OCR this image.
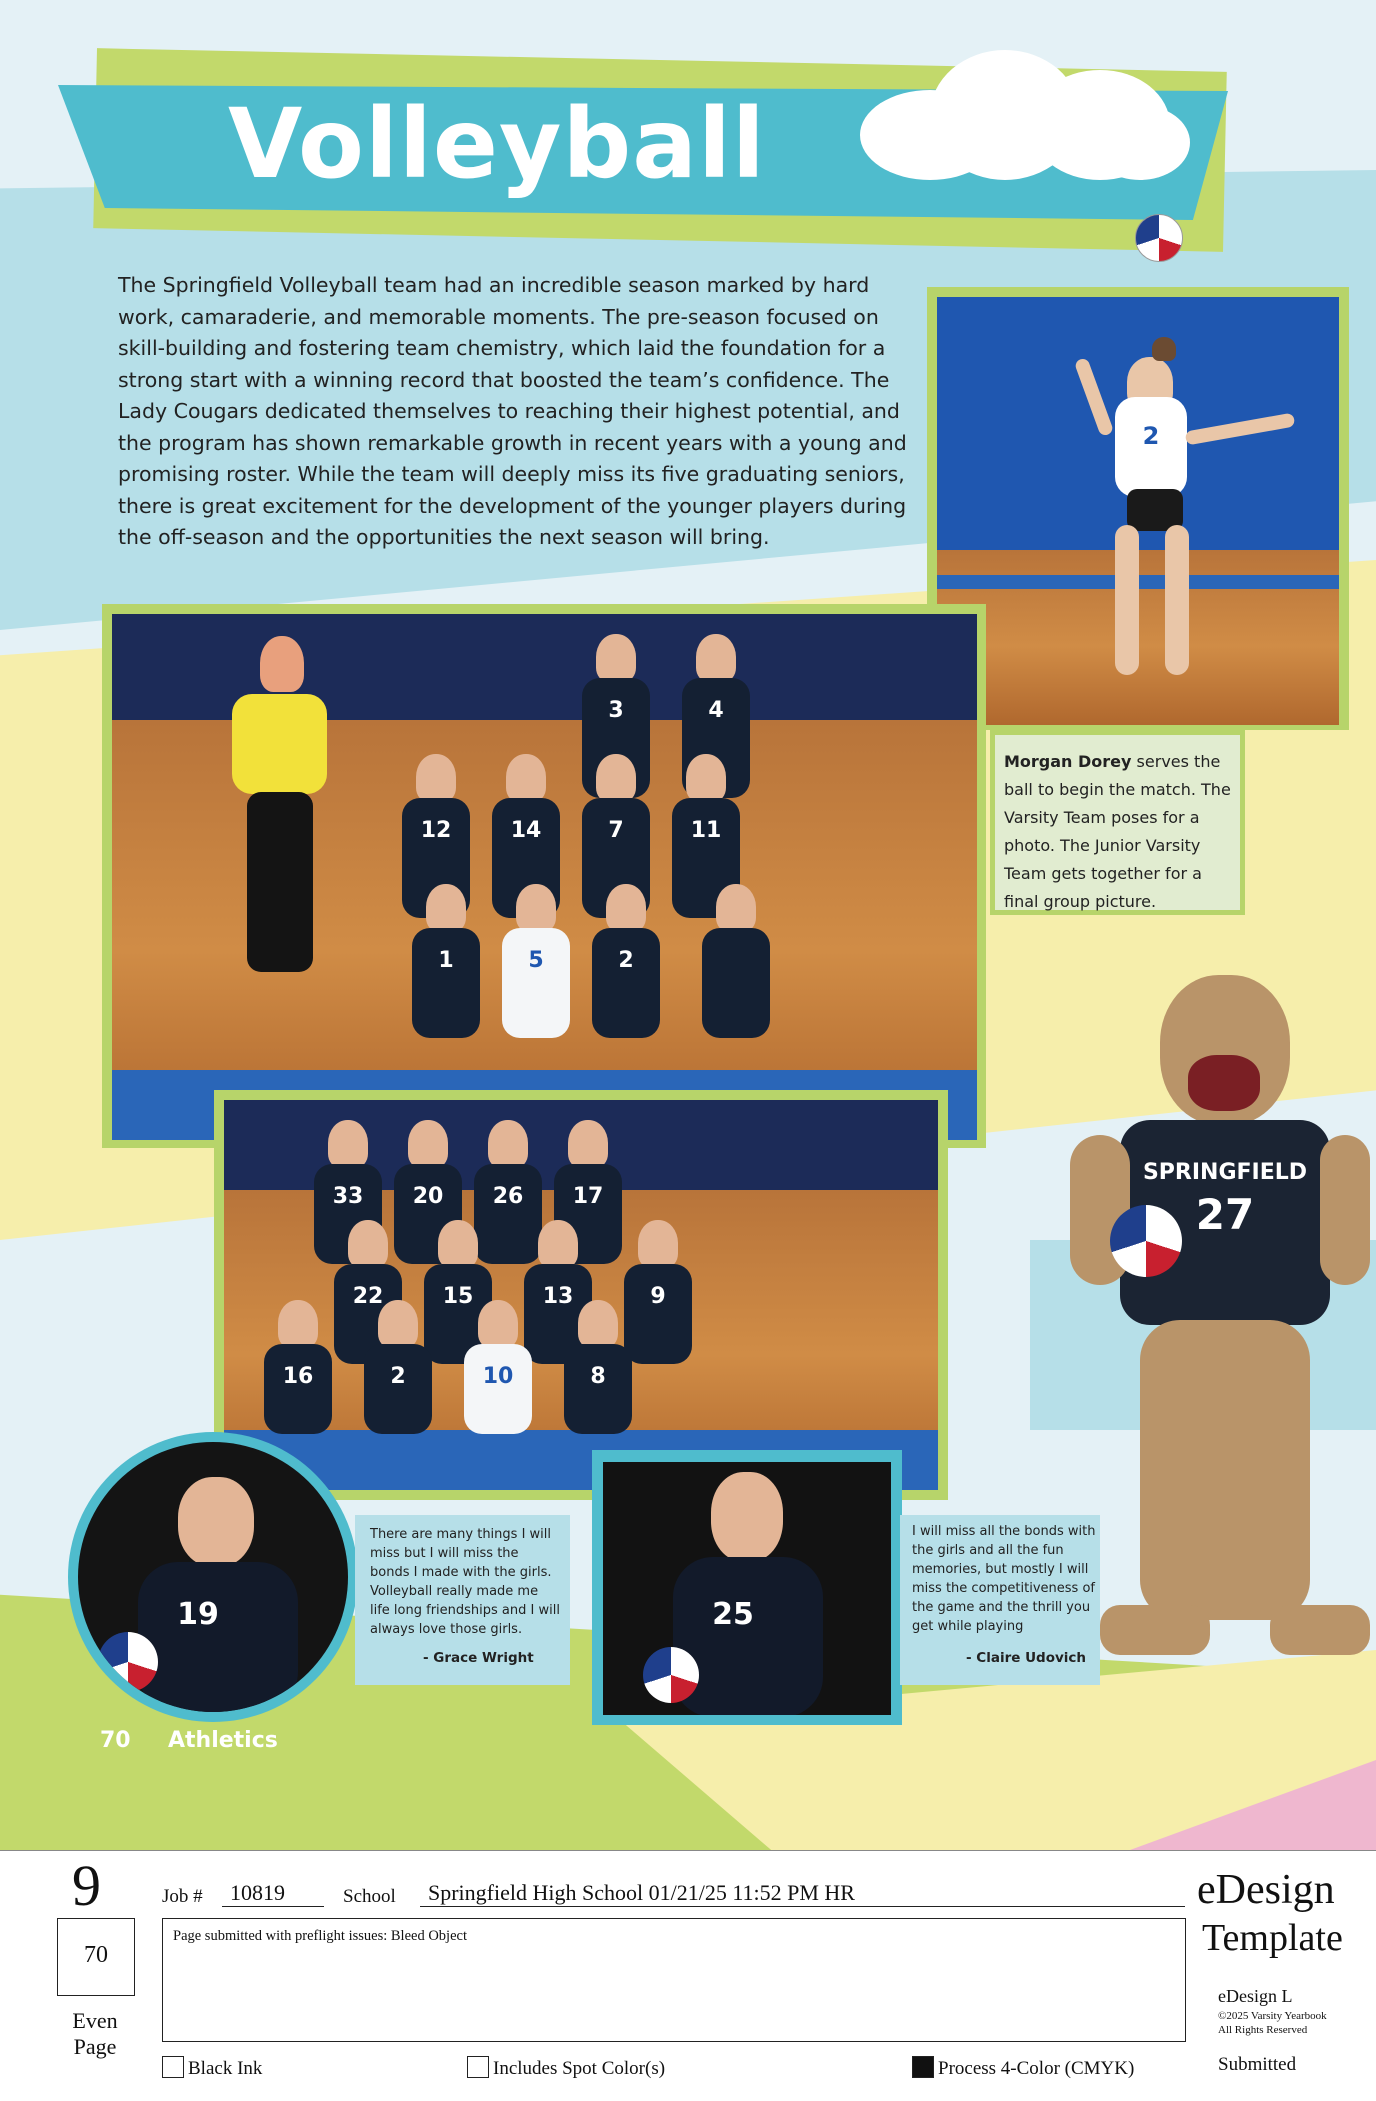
Volleyball
The Springfield Volleyball team had an incredible season marked by hard work, camaraderie, and memorable moments. The pre-season focused on skill-building and fostering team chemistry, which laid the foundation for a strong start with a winning record that boosted the team’s confidence. The Lady Cougars dedicated themselves to reaching their highest potential, and the program has shown remarkable growth in recent years with a young and promising roster. While the team will deeply miss its five graduating seniors, there is great excitement for the development of the younger players during the off-season and the opportunities the next season will bring.
2
3	4
12	14	7	11
1	5	2
Morgan Dorey serves the ball to begin the match. The Varsity Team poses for a photo. The Junior Varsity Team gets together for a final group picture.
33	20	26	17
22	15	13	9
16	2	10	8
SPRINGFIELD
27
19
There are many things I will miss but I will miss the bonds I made with the girls. Volleyball really made me life long friendships and I will always love those girls.
- Grace Wright
25
I will miss all the bonds with the girls and all the fun memories, but mostly I will miss the competitiveness of the game and the thrill you get while playing
- Claire Udovich
70 Athletics
9
70
Even
Page
Job # 10819	School Springfield High School 01/21/25 11:52 PM HR
Page submitted with preflight issues: Bleed Object
eDesign
Template
eDesign L
©2025 Varsity Yearbook
All Rights Reserved
Black Ink	Includes Spot Color(s)	Process 4-Color (CMYK)	Submitted
